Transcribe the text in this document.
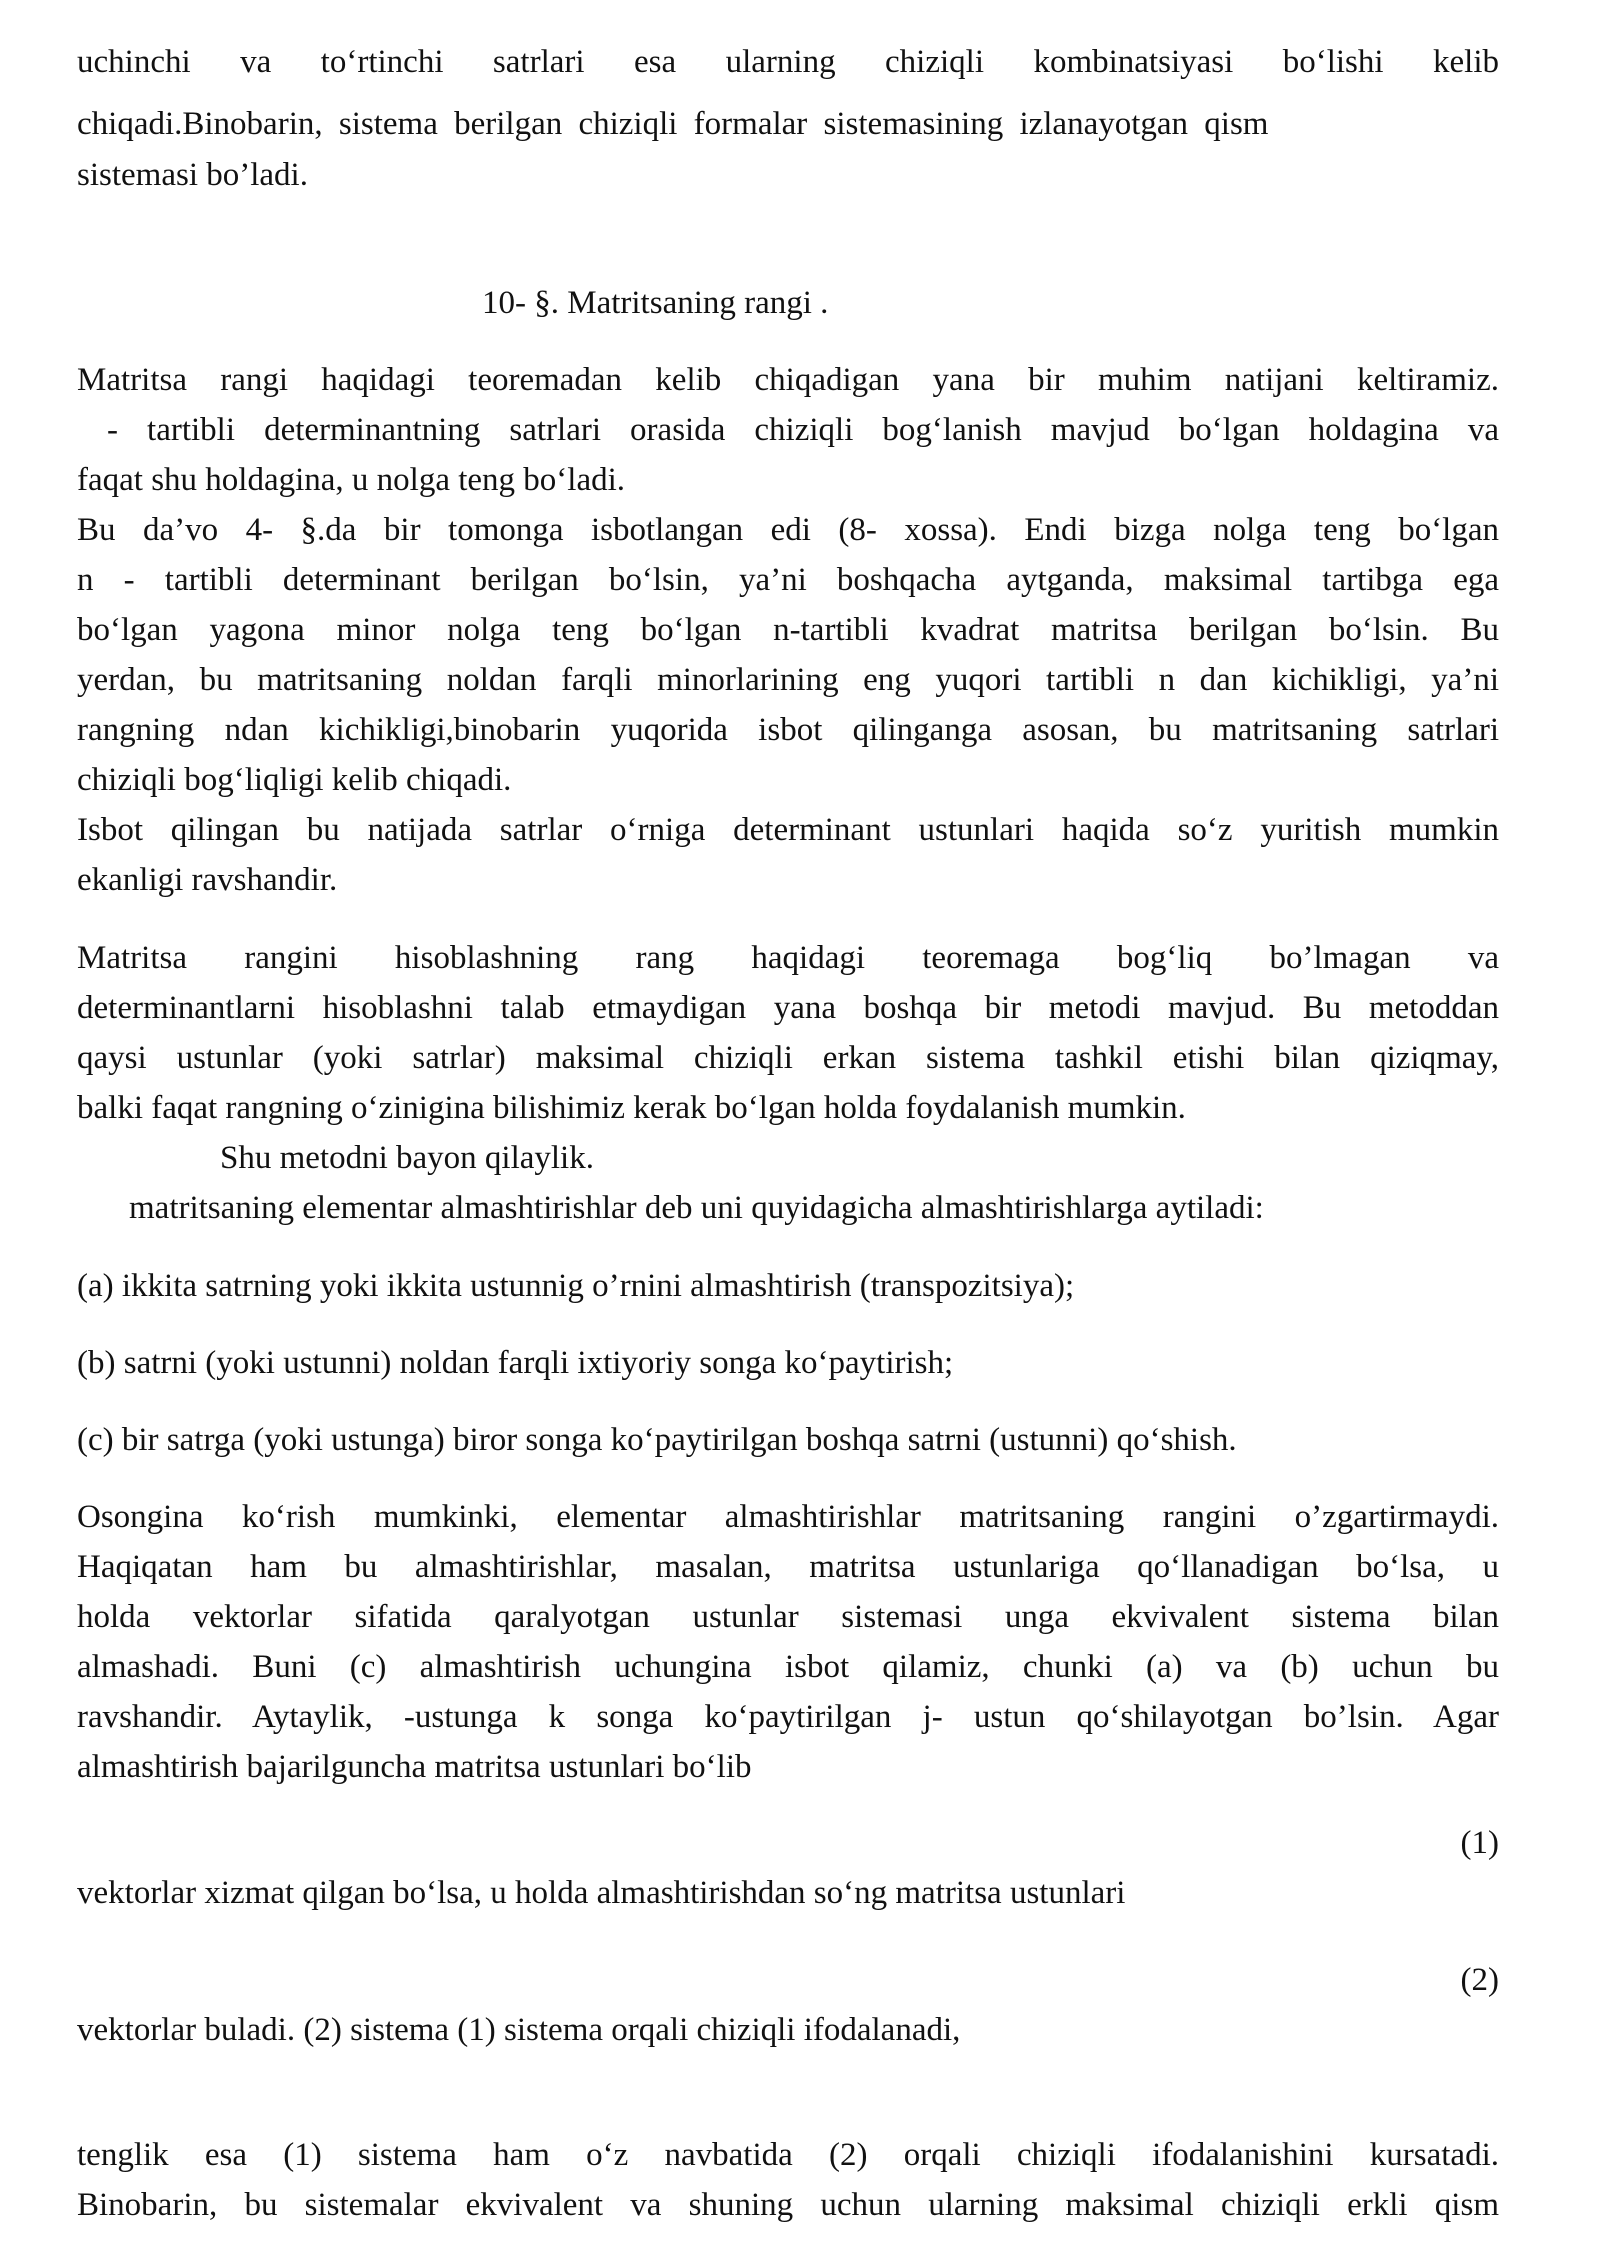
uchinchi va to‘rtinchi satrlari esa ularning chiziqli kombinatsiyasi bo‘lishi kelib
chiqadi.Binobarin, sistema berilgan chiziqli formalar sistemasining izlanayotgan qism
sistemasi bo’ladi.
10- §. Matritsaning rangi .
Matritsa rangi haqidagi teoremadan kelib chiqadigan yana bir muhim natijani keltiramiz.
- tartibli determinantning satrlari orasida chiziqli bog‘lanish mavjud bo‘lgan holdagina va
faqat shu holdagina, u nolga teng bo‘ladi.
Bu da’vo 4- §.da bir tomonga isbotlangan edi (8- xossa). Endi bizga nolga teng bo‘lgan
n - tartibli determinant berilgan bo‘lsin, ya’ni boshqacha aytganda, maksimal tartibga ega
bo‘lgan yagona minor nolga teng bo‘lgan n-tartibli kvadrat matritsa berilgan bo‘lsin. Bu
yerdan, bu matritsaning noldan farqli minorlarining eng yuqori tartibli n dan kichikligi, ya’ni
rangning ndan kichikligi,binobarin yuqorida isbot qilinganga asosan, bu matritsaning satrlari
chiziqli bog‘liqligi kelib chiqadi.
Isbot qilingan bu natijada satrlar o‘rniga determinant ustunlari haqida so‘z yuritish mumkin
ekanligi ravshandir.
Matritsa rangini hisoblashning rang haqidagi teoremaga bog‘liq bo’lmagan va
determinantlarni hisoblashni talab etmaydigan yana boshqa bir metodi mavjud. Bu metoddan
qaysi ustunlar (yoki satrlar) maksimal chiziqli erkan sistema tashkil etishi bilan qiziqmay,
balki faqat rangning o‘zinigina bilishimiz kerak bo‘lgan holda foydalanish mumkin.
Shu metodni bayon qilaylik.
matritsaning elementar almashtirishlar deb uni quyidagicha almashtirishlarga aytiladi:
(a) ikkita satrning yoki ikkita ustunnig o’rnini almashtirish (transpozitsiya);
(b) satrni (yoki ustunni) noldan farqli ixtiyoriy songa ko‘paytirish;
(c) bir satrga (yoki ustunga) biror songa ko‘paytirilgan boshqa satrni (ustunni) qo‘shish.
Osongina ko‘rish mumkinki, elementar almashtirishlar matritsaning rangini o’zgartirmaydi.
Haqiqatan ham bu almashtirishlar, masalan, matritsa ustunlariga qo‘llanadigan bo‘lsa, u
holda vektorlar sifatida qaralyotgan ustunlar sistemasi unga ekvivalent sistema bilan
almashadi. Buni (c) almashtirish uchungina isbot qilamiz, chunki (a) va (b) uchun bu
ravshandir. Aytaylik, -ustunga k songa ko‘paytirilgan j- ustun qo‘shilayotgan bo’lsin. Agar
almashtirish bajarilguncha matritsa ustunlari bo‘lib
(1)
vektorlar xizmat qilgan bo‘lsa, u holda almashtirishdan so‘ng matritsa ustunlari
(2)
vektorlar buladi. (2) sistema (1) sistema orqali chiziqli ifodalanadi,
tenglik esa (1) sistema ham o‘z navbatida (2) orqali chiziqli ifodalanishini kursatadi.
Binobarin, bu sistemalar ekvivalent va shuning uchun ularning maksimal chiziqli erkli qism
